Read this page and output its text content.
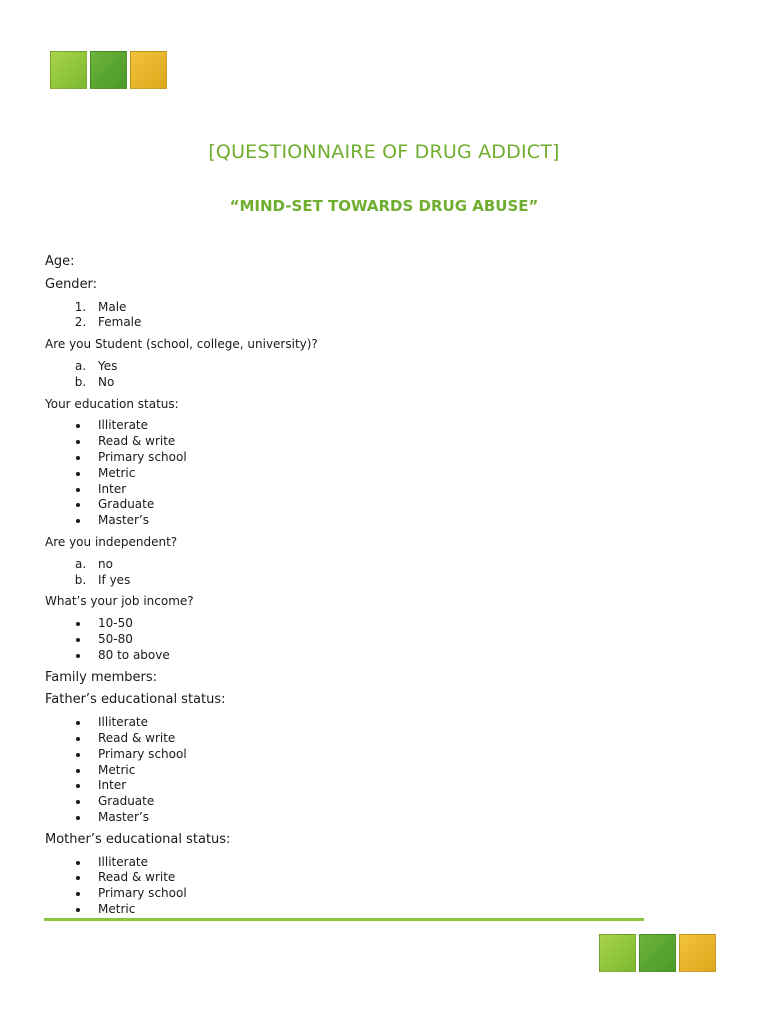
[QUESTIONNAIRE OF DRUG ADDICT]
“MIND-SET TOWARDS DRUG ABUSE”

Age:

Gender:

1. Male
2. Female

Are you Student (school, college, university)?

a. Yes
b. No

Your education status:

• Illiterate
• Read & write
• Primary school
• Metric
• Inter
• Graduate
• Master’s

Are you independent?

a. no
b. If yes

What’s your job income?

• 10-50
• 50-80
• 80 to above

Family members:

Father’s educational status:

• Illiterate
• Read & write
• Primary school
• Metric
• Inter
• Graduate
• Master’s

Mother’s educational status:

• Illiterate
• Read & write
• Primary school
• Metric
